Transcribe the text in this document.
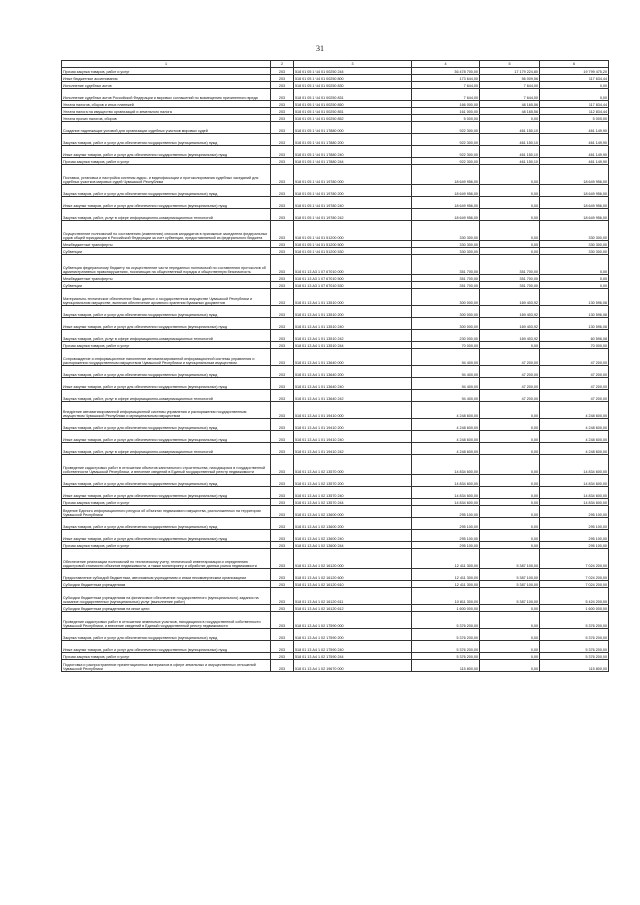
31
1	2	3	4	5	6
Прочая закупка товаров, работ и услуг	203	518 01 05 1 Ч4 01 00250 244	36 478 700,00	17 179 224,80	19 799 475,20
Иные бюджетные ассигнования	203	518 01 05 1 Ч4 01 00250 800	173 644,00	56 009,56	117 634,44
Исполнение судебных актов	203	518 01 05 1 Ч4 01 00250 830	7 644,00	7 644,00	0,00
Исполнение судебных актов Российской Федерации и мировых соглашений по возмещению причиненного вреда	203	518 01 05 1 Ч4 01 00250 831	7 644,00	7 644,00	0,00
Уплата налогов, сборов и иных платежей	203	518 01 05 1 Ч4 01 00250 850	166 000,00	48 165,56	117 834,44
Уплата налога на имущество организаций и земельного налога	203	518 01 05 1 Ч4 01 00250 851	161 000,00	48 165,56	112 834,44
Уплата прочих налогов, сборов	203	518 01 05 1 Ч4 01 00250 852	5 000,00	0,00	5 000,00
Создание надлежащих условий для организации судебных участков мировых судей	203	518 01 05 1 Ч4 01 17880 000	922 300,00	461 150,10	461 149,90
Закупка товаров, работ и услуг для обеспечения государственных (муниципальных) нужд	203	518 01 05 1 Ч4 01 17880 200	922 300,00	461 150,10	461 149,90
Иные закупки товаров, работ и услуг для обеспечения государственных (муниципальных) нужд	203	518 01 05 1 Ч4 01 17880 240	922 300,00	461 150,10	461 149,90
Прочая закупка товаров, работ и услуг	203	518 01 05 1 Ч4 01 17880 244	922 300,00	461 150,10	461 149,90
Поставка, установка и настройка системы аудио- и видеофиксации и протоколирования судебных заседаний для судебных участков мировых судей Чувашской Республики	203	518 01 05 1 Ч4 01 19780 000	18 649 956,00	0,00	18 649 956,00
Закупка товаров, работ и услуг для обеспечения государственных (муниципальных) нужд	203	518 01 05 1 Ч4 01 19780 200	18 649 956,00	0,00	18 649 956,00
Иные закупки товаров, работ и услуг для обеспечения государственных (муниципальных) нужд	203	518 01 05 1 Ч4 01 19780 240	18 649 956,00	0,00	18 649 956,00
Закупка товаров, работ, услуг в сфере информационно-коммуникационных технологий	203	518 01 05 1 Ч4 01 19780 242	18 649 956,00	0,00	18 649 956,00
Осуществление полномочий по составлению (изменению) списков кандидатов в присяжные заседатели федеральных судов общей юрисдикции в Российской Федерации за счет субвенции, предоставляемой из федерального бюджета	203	518 01 05 1 Ч4 01 51200 000	330 300,00	0,00	330 300,00
Межбюджетные трансферты	203	518 01 05 1 Ч4 01 51200 500	330 300,00	0,00	330 300,00
Субвенции	203	518 01 05 1 Ч4 01 51200 530	330 300,00	0,00	330 300,00
Субвенция федеральному бюджету на осуществление части переданных полномочий по составлению протоколов об административных правонарушениях, посягающих на общественный порядок и общественную безопасность	203	518 01 13 А3 1 07 67010 000	351 700,00	351 700,00	0,00
Межбюджетные трансферты	203	518 01 13 А3 1 07 67010 500	351 700,00	351 700,00	0,00
Субвенции	203	518 01 13 А3 1 07 67010 530	351 700,00	351 700,00	0,00
Материально-техническое обеспечение базы данных о государственном имуществе Чувашской Республики и муниципальном имуществе, включая обеспечение архивного хранения бумажных документов	203	518 01 13 А4 1 01 13510 000	300 000,00	169 403,92	130 596,08
Закупка товаров, работ и услуг для обеспечения государственных (муниципальных) нужд	203	518 01 13 А4 1 01 13510 200	300 000,00	169 403,92	130 596,08
Иные закупки товаров, работ и услуг для обеспечения государственных (муниципальных) нужд	203	518 01 13 А4 1 01 13510 240	300 000,00	169 403,92	130 596,08
Закупка товаров, работ, услуг в сфере информационно-коммуникационных технологий	203	518 01 13 А4 1 01 13510 242	230 000,00	169 403,92	60 596,08
Прочая закупка товаров, работ и услуг	203	518 01 13 А4 1 01 13510 244	70 000,00	0,00	70 000,00
Сопровождение и информационное наполнение автоматизированной информационной системы управления и распоряжения государственным имуществом Чувашской Республики и муниципальным имуществом	203	518 01 13 А4 1 01 13640 000	94 400,00	47 200,00	47 200,00
Закупка товаров, работ и услуг для обеспечения государственных (муниципальных) нужд	203	518 01 13 А4 1 01 13640 200	94 400,00	47 200,00	47 200,00
Иные закупки товаров, работ и услуг для обеспечения государственных (муниципальных) нужд	203	518 01 13 А4 1 01 13640 240	94 400,00	47 200,00	47 200,00
Закупка товаров, работ, услуг в сфере информационно-коммуникационных технологий	203	518 01 13 А4 1 01 13640 242	94 400,00	47 200,00	47 200,00
Внедрение автоматизированной информационной системы управления и распоряжения государственным имуществом Чувашской Республики и муниципальным имуществом	203	518 01 13 А4 1 01 19410 000	4 248 600,00	0,00	4 248 600,00
Закупка товаров, работ и услуг для обеспечения государственных (муниципальных) нужд	203	518 01 13 А4 1 01 19410 200	4 248 600,00	0,00	4 248 600,00
Иные закупки товаров, работ и услуг для обеспечения государственных (муниципальных) нужд	203	518 01 13 А4 1 01 19410 240	4 248 600,00	0,00	4 248 600,00
Закупка товаров, работ, услуг в сфере информационно-коммуникационных технологий	203	518 01 13 А4 1 01 19410 242	4 248 600,00	0,00	4 248 600,00
Проведение кадастровых работ в отношении объектов капитального строительства, находящихся в государственной собственности Чувашской Республики, и внесение сведений в Единый государственный реестр недвижимости	203	518 01 13 А4 1 02 13570 000	14 834 600,00	0,00	14 834 600,00
Закупка товаров, работ и услуг для обеспечения государственных (муниципальных) нужд	203	518 01 13 А4 1 02 13570 200	14 834 600,00	0,00	14 834 600,00
Иные закупки товаров, работ и услуг для обеспечения государственных (муниципальных) нужд	203	518 01 13 А4 1 02 13570 240	14 834 600,00	0,00	14 834 600,00
Прочая закупка товаров, работ и услуг	203	518 01 13 А4 1 02 13570 244	14 834 600,00	0,00	14 834 600,00
Ведение Единого информационного ресурса об объектах недвижимого имущества, расположенных на территории Чувашской Республики	203	518 01 13 А4 1 02 13600 000	295 100,00	0,00	295 100,00
Закупка товаров, работ и услуг для обеспечения государственных (муниципальных) нужд	203	518 01 13 А4 1 02 13600 200	295 100,00	0,00	295 100,00
Иные закупки товаров, работ и услуг для обеспечения государственных (муниципальных) нужд	203	518 01 13 А4 1 02 13600 240	295 100,00	0,00	295 100,00
Прочая закупка товаров, работ и услуг	203	518 01 13 А4 1 02 13600 244	295 100,00	0,00	295 100,00
Обеспечение реализации полномочий по техническому учету, технической инвентаризации и определению кадастровой стоимости объектов недвижимости, а также мониторингу и обработке данных рынка недвижимости	203	518 01 13 А4 1 02 16120 000	12 411 300,00	5 387 100,00	7 024 200,00
Предоставление субсидий бюджетным, автономным учреждениям и иным некоммерческим организациям	203	518 01 13 А4 1 02 16120 600	12 411 300,00	5 387 100,00	7 024 200,00
Субсидии бюджетным учреждениям	203	518 01 13 А4 1 02 16120 610	12 411 300,00	5 387 100,00	7 024 200,00
Субсидии бюджетным учреждениям на финансовое обеспечение государственного (муниципального) задания на оказание государственных (муниципальных) услуг (выполнение работ)	203	518 01 13 А4 1 02 16120 611	10 811 300,00	5 387 100,00	5 424 200,00
Субсидии бюджетным учреждениям на иные цели	203	518 01 13 А4 1 02 16120 612	1 600 000,00	0,00	1 600 000,00
Проведение кадастровых работ в отношении земельных участков, находящихся в государственной собственности Чувашской Республики, и внесение сведений в Единый государственный реестр недвижимости	203	518 01 13 А4 1 02 17590 000	5 376 200,00	0,00	5 376 200,00
Закупка товаров, работ и услуг для обеспечения государственных (муниципальных) нужд	203	518 01 13 А4 1 02 17590 200	5 376 200,00	0,00	5 376 200,00
Иные закупки товаров, работ и услуг для обеспечения государственных (муниципальных) нужд	203	518 01 13 А4 1 02 17590 240	5 376 200,00	0,00	5 376 200,00
Прочая закупка товаров, работ и услуг	203	518 01 13 А4 1 02 17590 244	5 376 200,00	0,00	5 376 200,00
Подготовка и распространение презентационных материалов в сфере земельных и имущественных отношений Чувашской Республики	203	518 01 13 А4 1 02 19670 000	115 800,00	0,00	115 800,00
